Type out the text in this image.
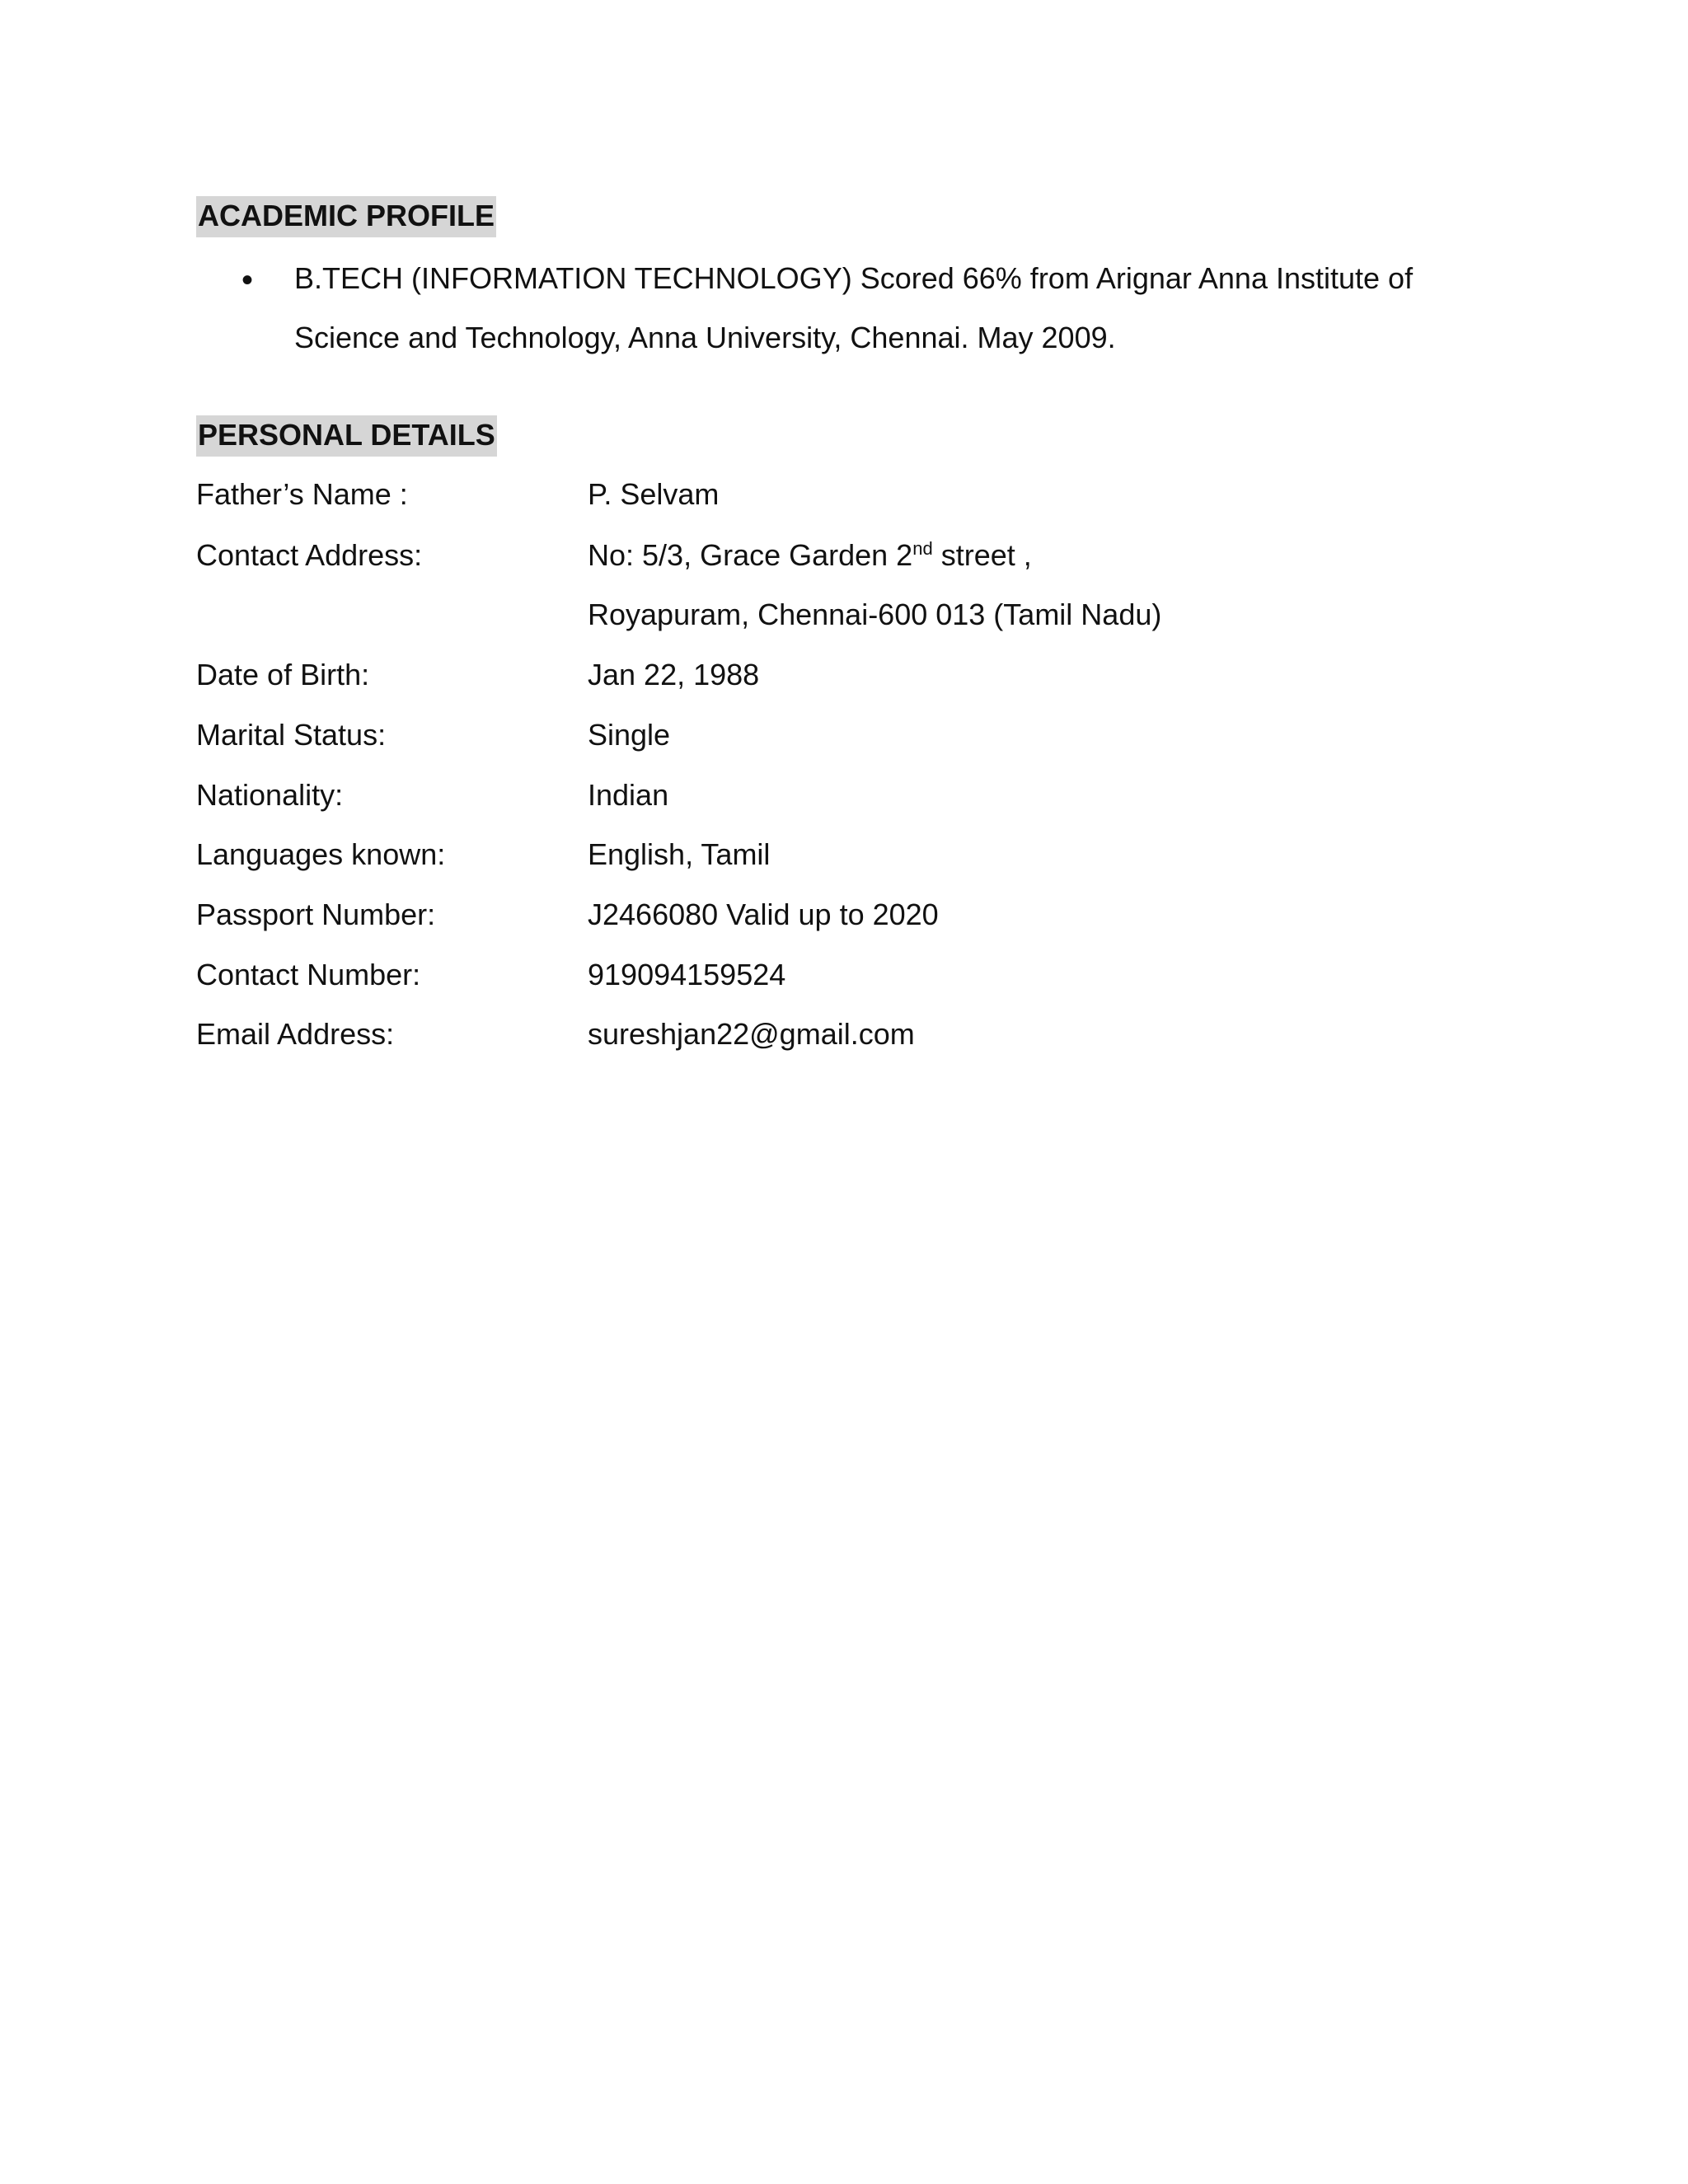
ACADEMIC PROFILE
• B.TECH (INFORMATION TECHNOLOGY) Scored 66% from Arignar Anna Institute of
Science and Technology, Anna University, Chennai. May 2009.
PERSONAL DETAILS
Father’s Name :	P. Selvam
Contact Address:	No: 5/3, Grace Garden 2nd street ,
Royapuram, Chennai-600 013 (Tamil Nadu)
Date of Birth:	Jan 22, 1988
Marital Status:	Single
Nationality:	Indian
Languages known:	English, Tamil
Passport Number:	J2466080 Valid up to 2020
Contact Number:	919094159524
Email Address:	sureshjan22@gmail.com
